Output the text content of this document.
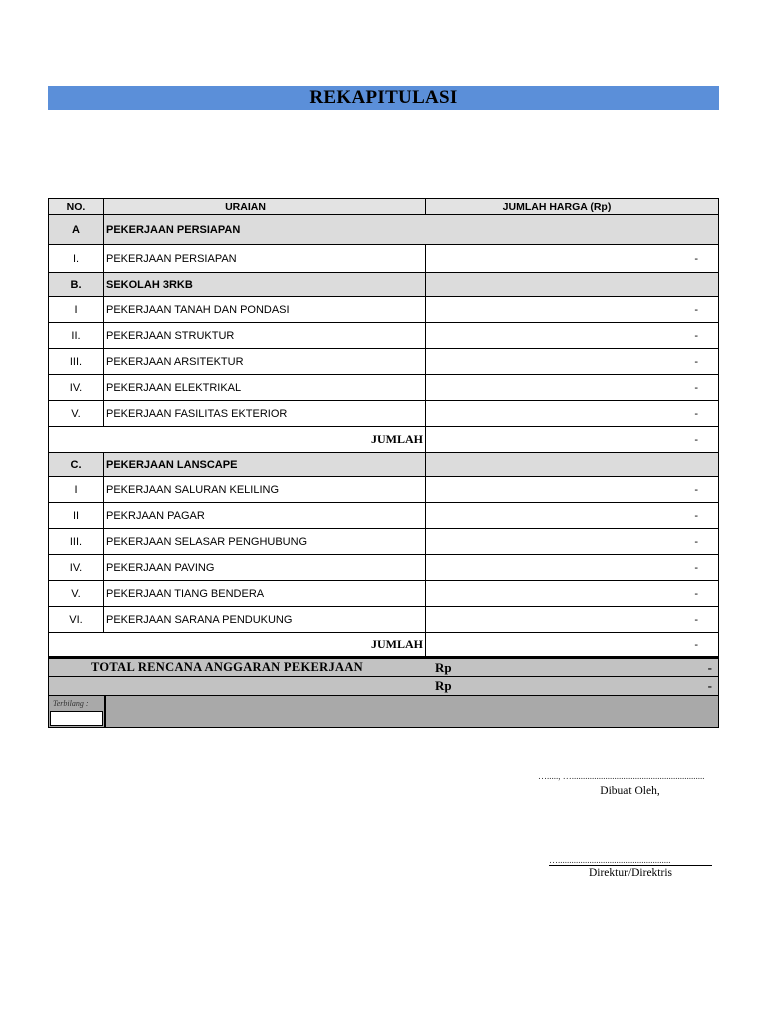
REKAPITULASI
NO.	URAIAN	JUMLAH HARGA (Rp)
A	PEKERJAAN PERSIAPAN
I.	PEKERJAAN PERSIAPAN	-
B.	SEKOLAH 3RKB
I	PEKERJAAN TANAH DAN PONDASI	-
II.	PEKERJAAN STRUKTUR	-
III.	PEKERJAAN ARSITEKTUR	-
IV.	PEKERJAAN ELEKTRIKAL	-
V.	PEKERJAAN FASILITAS EKTERIOR	-
JUMLAH	-
C.	PEKERJAAN LANSCAPE
I	PEKERJAAN SALURAN KELILING	-
II	PEKRJAAN PAGAR	-
III.	PEKERJAAN SELASAR PENGHUBUNG	-
IV.	PEKERJAAN PAVING	-
V.	PEKERJAAN TIANG BENDERA	-
VI.	PEKERJAAN SARANA PENDUKUNG	-
JUMLAH	-
TOTAL RENCANA ANGGARAN PEKERJAAN	Rp	-
Rp	-
Terbilang :
…....., …...........................................................
Dibuat Oleh,
…..................................................
Direktur/Direktris
